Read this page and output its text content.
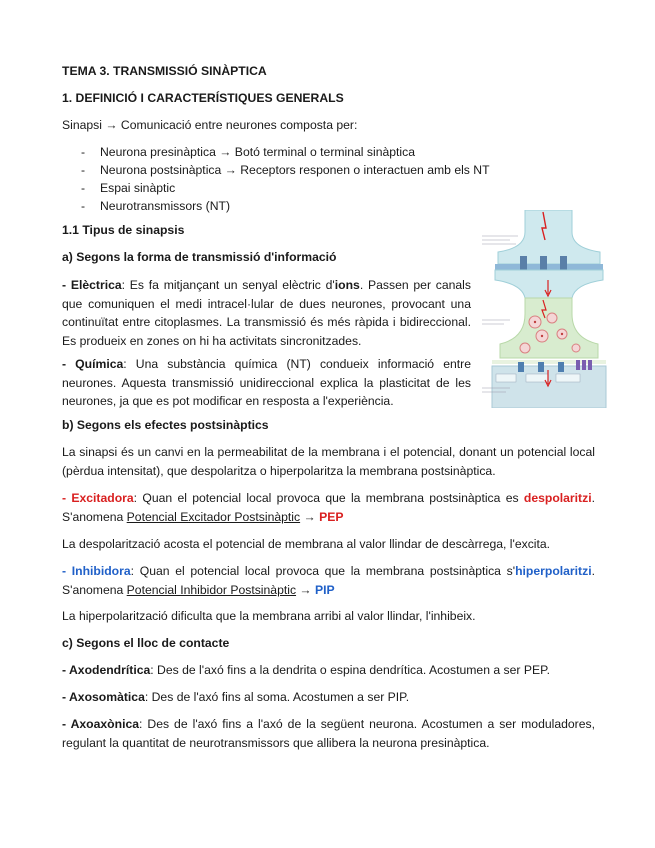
TEMA 3. TRANSMISSIÓ SINÀPTICA

1. DEFINICIÓ I CARACTERÍSTIQUES GENERALS

Sinapsi → Comunicació entre neurones composta per:

- Neurona presinàptica → Botó terminal o terminal sinàptica
- Neurona postsinàptica → Receptors responen o interactuen amb els NT
- Espai sinàptic
- Neurotransmissors (NT)

1.1 Tipus de sinapsis

a) Segons la forma de transmissió d'informació

- Elèctrica: Es fa mitjançant un senyal elèctric d'ions. Passen per canals que comuniquen el medi intracel·lular de dues neurones, provocant una continuïtat entre citoplasmes. La transmissió és més ràpida i bidireccional. Es produeix en zones on hi ha activitats sincronitzades.

- Química: Una substància química (NT) condueix informació entre neurones. Aquesta transmissió unidireccional explica la plasticitat de les neurones, ja que es pot modificar en resposta a l'experiència.

b) Segons els efectes postsinàptics

La sinapsi és un canvi en la permeabilitat de la membrana i el potencial, donant un potencial local (pèrdua intensitat), que despolaritza o hiperpolaritza la membrana postsinàptica.

- Excitadora: Quan el potencial local provoca que la membrana postsinàptica es despolaritzi. S'anomena Potencial Excitador Postsinàptic → PEP

La despolarització acosta el potencial de membrana al valor llindar de descàrrega, l'excita.

- Inhibidora: Quan el potencial local provoca que la membrana postsinàptica s'hiperpolaritzi. S'anomena Potencial Inhibidor Postsinàptic → PIP

La hiperpolarització dificulta que la membrana arribi al valor llindar, l'inhibeix.

c) Segons el lloc de contacte

- Axodendrítica: Des de l'axó fins a la dendrita o espina dendrítica. Acostumen a ser PEP.

- Axosomàtica: Des de l'axó fins al soma. Acostumen a ser PIP.

- Axoaxònica: Des de l'axó fins a l'axó de la següent neurona. Acostumen a ser moduladores, regulant la quantitat de neurotransmissors que allibera la neurona presinàptica.
